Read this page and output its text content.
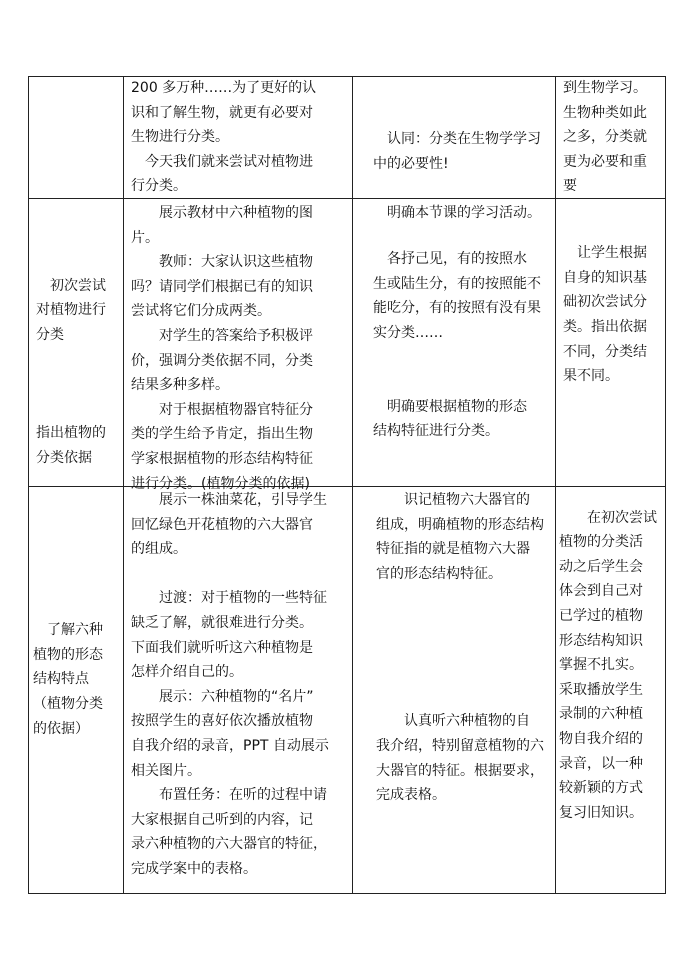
200 多万种……为了更好的认
识和了解生物，就更有必要对
生物进行分类。
　今天我们就来尝试对植物进
行分类。

　认同：分类在生物学学习
中的必要性!

　明确本节课的学习活动。
到生物学习。
生物种类如此
之多，分类就
更为必要和重
要

　初次尝试
对植物进行
分类

指出植物的
分类依据
　　展示教材中六种植物的图
片。
　　教师：大家认识这些植物
吗？请同学们根据已有的知识
尝试将它们分成两类。
　　对学生的答案给予积极评
价，强调分类依据不同，分类
结果多种多样。
　　对于根据植物器官特征分
类的学生给予肯定，指出生物
学家根据植物的形态结构特征
进行分类。(植物分类的依据)

　各抒己见，有的按照水
生或陆生分，有的按照能不
能吃分，有的按照有没有果
实分类……

　明确要根据植物的形态
结构特征进行分类。

　让学生根据
自身的知识基
础初次尝试分
类。指出依据
不同，分类结
果不同。

　了解六种
植物的形态
结构特点
（植物分类
的依据）
　　展示一株油菜花，引导学生
回忆绿色开花植物的六大器官
的组成。

　　过渡：对于植物的一些特征
缺乏了解，就很难进行分类。
下面我们就听听这六种植物是
怎样介绍自己的。
　　展示：六种植物的“名片”
按照学生的喜好依次播放植物
自我介绍的录音，PPT 自动展示
相关图片。
　　布置任务：在听的过程中请
大家根据自己听到的内容，记
录六种植物的六大器官的特征，
完成学案中的表格。
　　识记植物六大器官的
组成，明确植物的形态结构
特征指的就是植物六大器
官的形态结构特征。

　　认真听六种植物的自
我介绍，特别留意植物的六
大器官的特征。根据要求，
完成表格。

　　在初次尝试
植物的分类活
动之后学生会
体会到自己对
已学过的植物
形态结构知识
掌握不扎实。
采取播放学生
录制的六种植
物自我介绍的
录音，以一种
较新颖的方式
复习旧知识。
